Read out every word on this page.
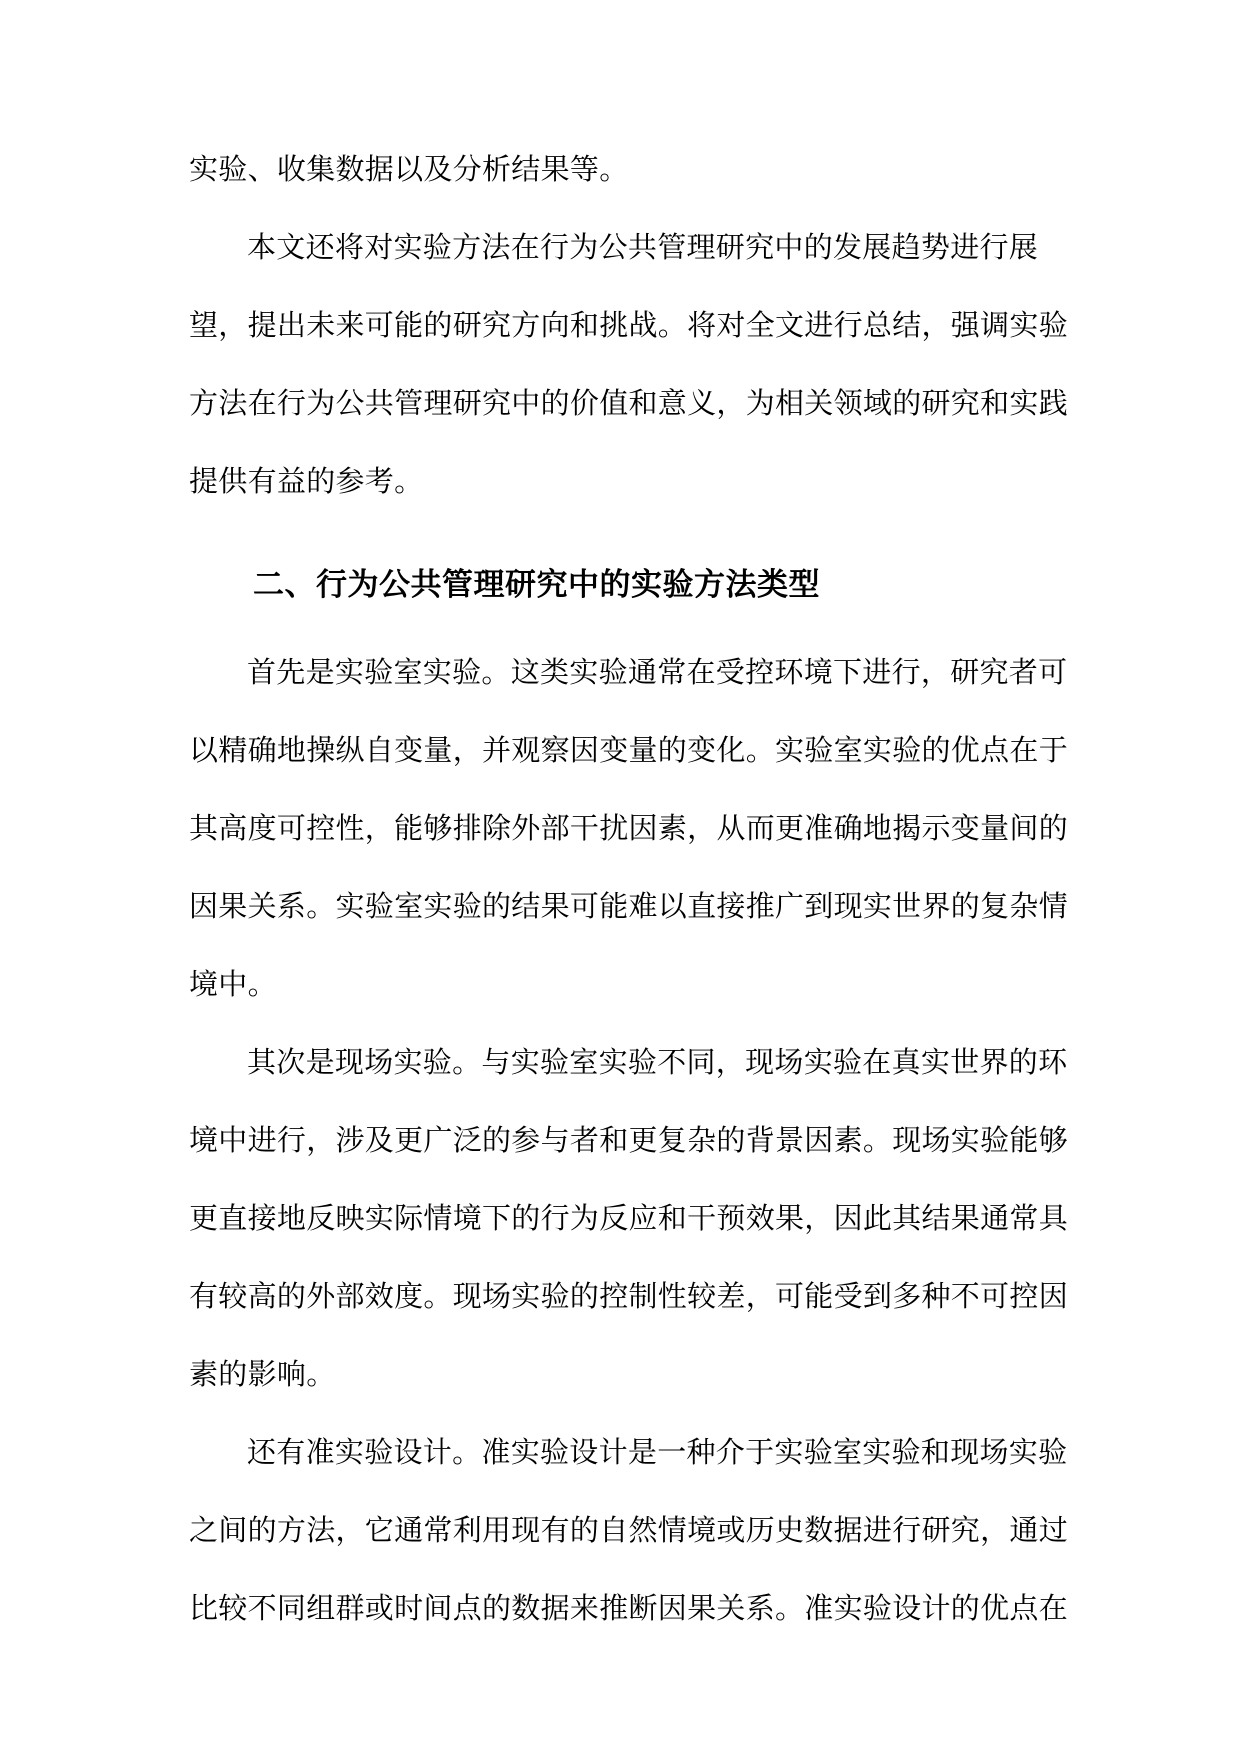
实验、收集数据以及分析结果等。
本文还将对实验方法在行为公共管理研究中的发展趋势进行展
望，提出未来可能的研究方向和挑战。将对全文进行总结，强调实验
方法在行为公共管理研究中的价值和意义，为相关领域的研究和实践
提供有益的参考。
二、行为公共管理研究中的实验方法类型
首先是实验室实验。这类实验通常在受控环境下进行，研究者可
以精确地操纵自变量，并观察因变量的变化。实验室实验的优点在于
其高度可控性，能够排除外部干扰因素，从而更准确地揭示变量间的
因果关系。实验室实验的结果可能难以直接推广到现实世界的复杂情
境中。
其次是现场实验。与实验室实验不同，现场实验在真实世界的环
境中进行，涉及更广泛的参与者和更复杂的背景因素。现场实验能够
更直接地反映实际情境下的行为反应和干预效果，因此其结果通常具
有较高的外部效度。现场实验的控制性较差，可能受到多种不可控因
素的影响。
还有准实验设计。准实验设计是一种介于实验室实验和现场实验
之间的方法，它通常利用现有的自然情境或历史数据进行研究，通过
比较不同组群或时间点的数据来推断因果关系。准实验设计的优点在
